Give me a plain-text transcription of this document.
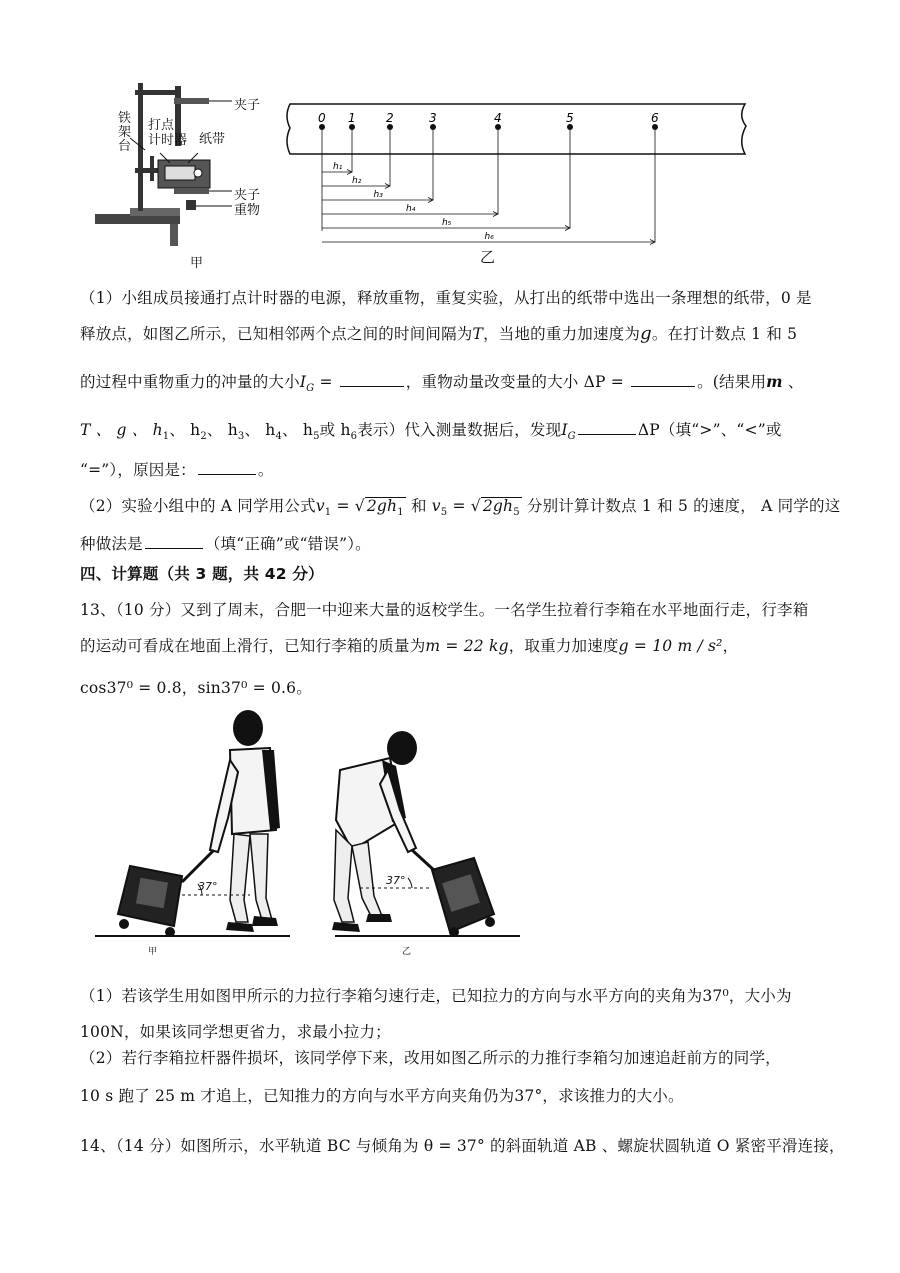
夹子
铁
架
台
打点
计时器 纸带
夹子
重物
甲
0 1	2	3	4	5	6
h₁
h₂
h₃
h₄
h₅
h₆
乙
（1）小组成员接通打点计时器的电源，释放重物，重复实验，从打出的纸带中选出一条理想的纸带，0 是
释放点，如图乙所示，已知相邻两个点之间的时间间隔为T，当地的重力加速度为g。在打计数点 1 和 5
的过程中重物重力的冲量的大小$I_G$ =	，重物动量改变量的大小 ΔP =	。(结果用m 、
T 、 g 、 $h_1$、 $h_2$、 $h_3$、 $h_4$、 $h_5$或 $h_6$表示）代入测量数据后，发现$I_G$	ΔP（填“>”、“<”或
“=”），原因是：	。
（2）实验小组中的 A 同学用公式$v_1$ = √ $2gh_1$ 和 $v_5$ = √ $2gh_5$ 分别计算计数点 1 和 5 的速度， A 同学的这
种做法是	（填“正确”或“错误”）。
四、计算题（共 3 题，共 42 分）
13、（10 分）又到了周末，合肥一中迎来大量的返校学生。一名学生拉着行李箱在水平地面行走，行李箱
的运动可看成在地面上滑行，已知行李箱的质量为m = 22 kg，取重力加速度g = 10 m / s²，
cos37⁰ = 0.8，sin37⁰ = 0.6。
37°	37°
甲	乙
（1）若该学生用如图甲所示的力拉行李箱匀速行走，已知拉力的方向与水平方向的夹角为37⁰，大小为
100N，如果该同学想更省力，求最小拉力；
（2）若行李箱拉杆器件损坏，该同学停下来，改用如图乙所示的力推行李箱匀加速追赶前方的同学，
10 s 跑了 25 m 才追上，已知推力的方向与水平方向夹角仍为37°，求该推力的大小。
14、（14 分）如图所示，水平轨道 BC 与倾角为 θ = 37° 的斜面轨道 AB 、螺旋状圆轨道 O 紧密平滑连接，
